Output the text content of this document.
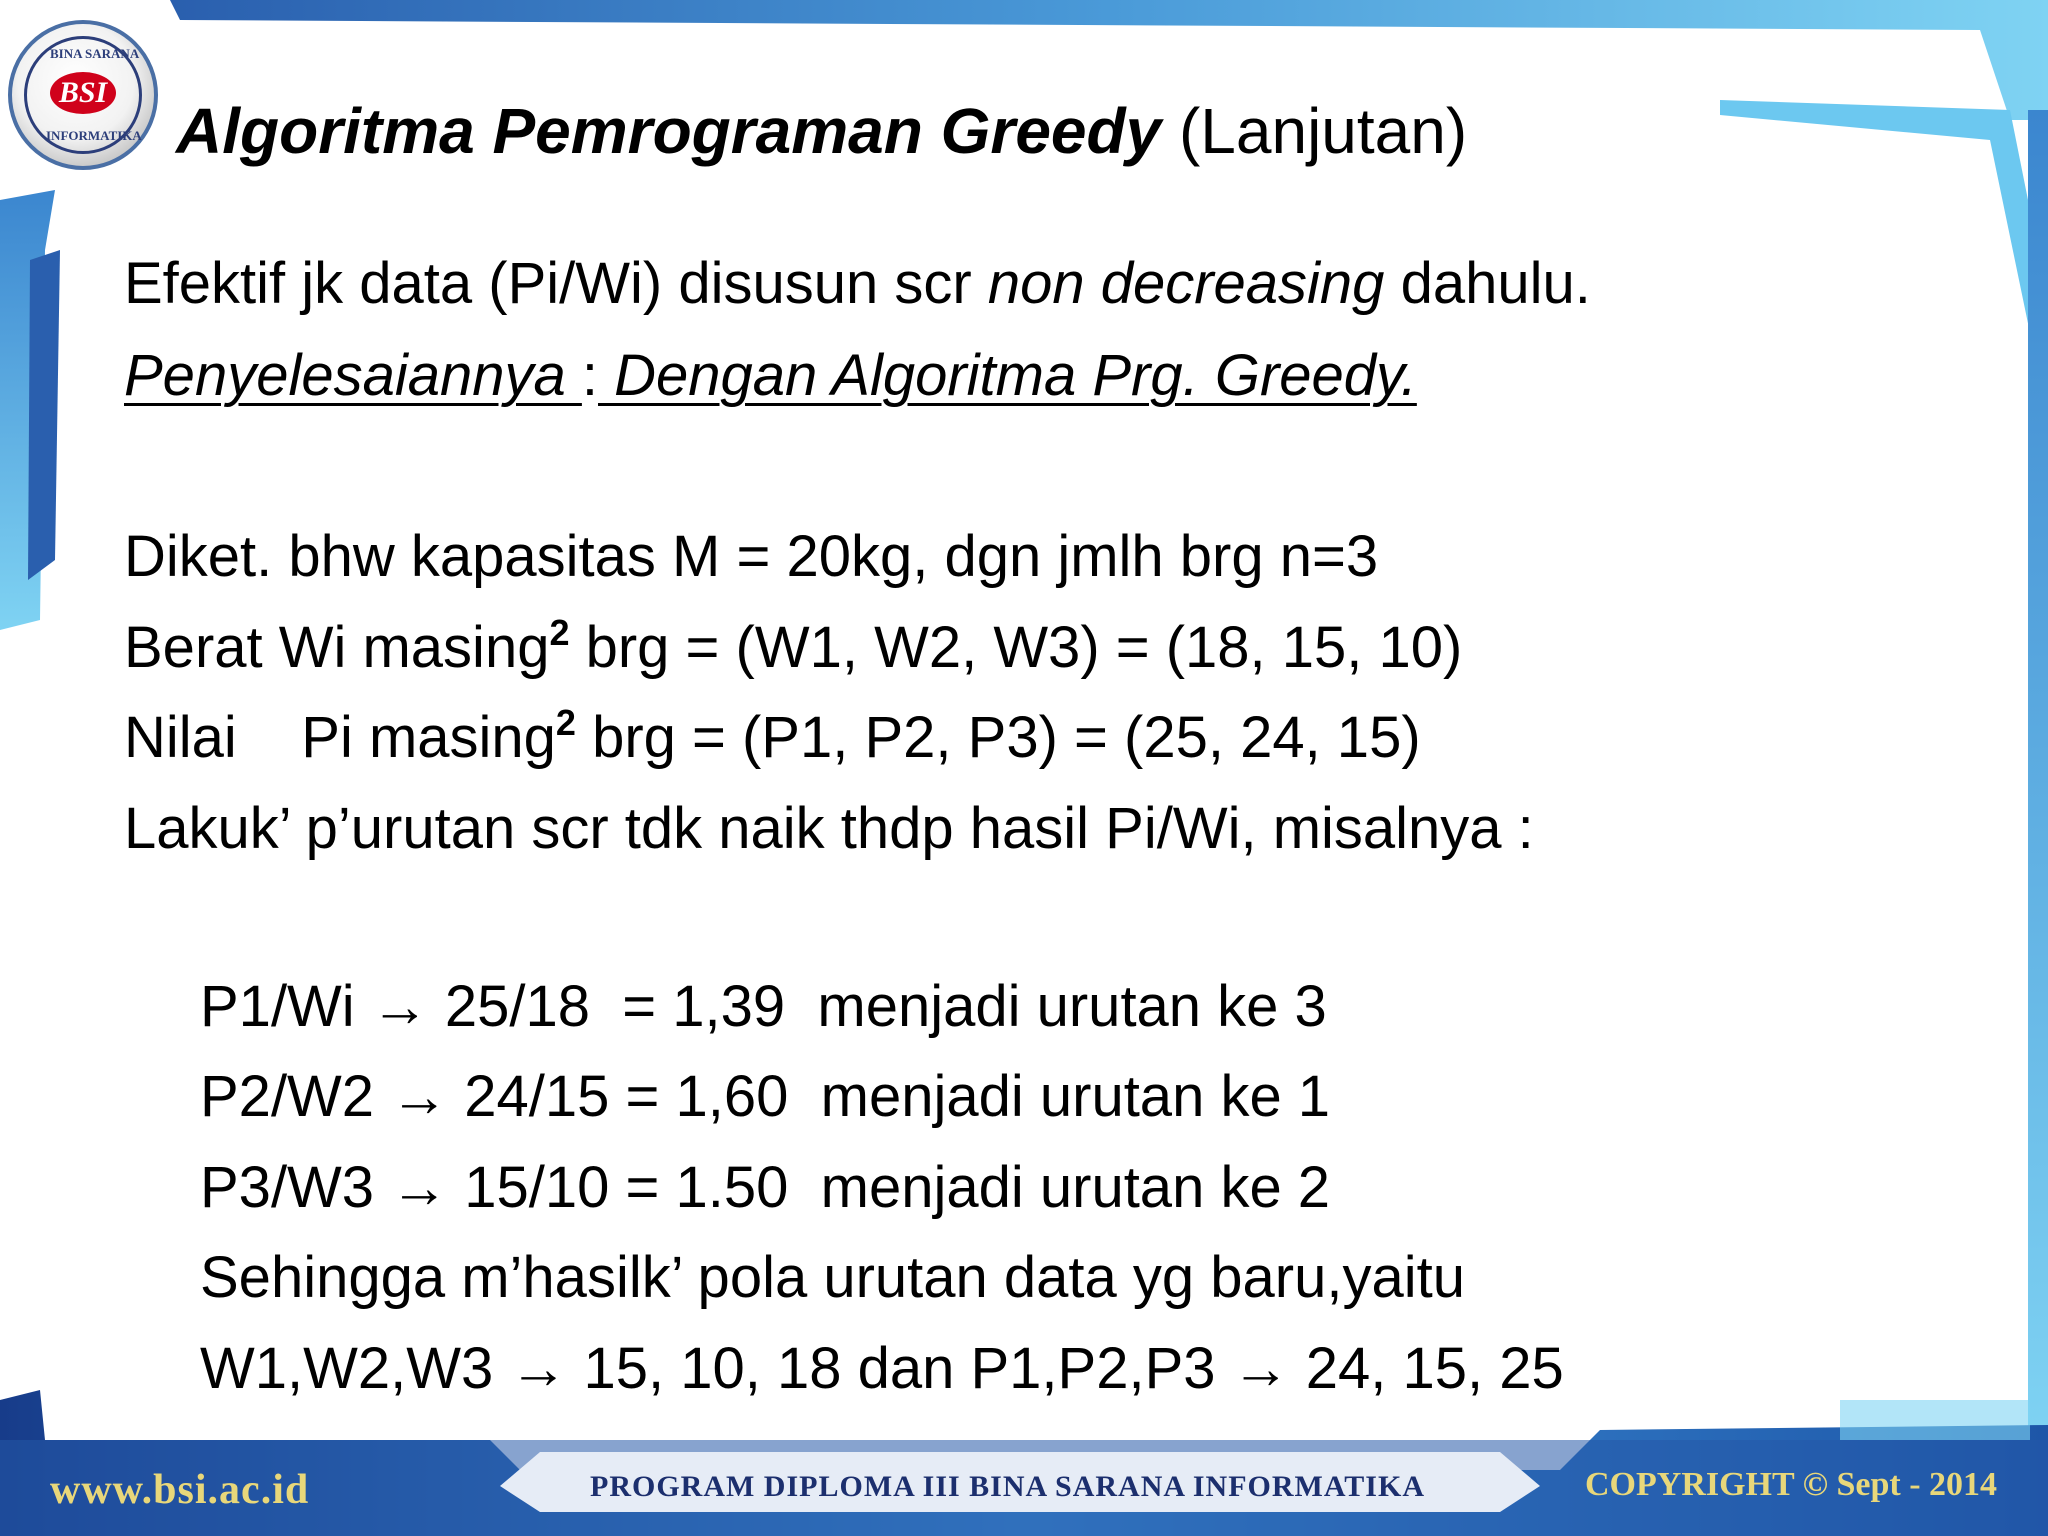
BINA SARANA
INFORMATIKA
BSI
Algoritma Pemrograman Greedy (Lanjutan)
Efektif jk data (Pi/Wi) disusun scr non decreasing dahulu.
Penyelesaiannya : Dengan Algoritma Prg. Greedy.
Diket. bhw kapasitas M = 20kg, dgn jmlh brg n=3
Berat Wi masing$^2$ brg = (W1, W2, W3) = (18, 15, 10)
Nilai    Pi masing$^2$ brg = (P1, P2, P3) = (25, 24, 15)
Lakuk’ p’urutan scr tdk naik thdp hasil Pi/Wi, misalnya :
P1/Wi → 25/18  = 1,39  menjadi urutan ke 3
P2/W2 → 24/15 = 1,60  menjadi urutan ke 1
P3/W3 → 15/10 = 1.50  menjadi urutan ke 2
Sehingga m’hasilk’ pola urutan data yg baru,yaitu
W1,W2,W3 → 15, 10, 18 dan P1,P2,P3 → 24, 15, 25
www.bsi.ac.id	PROGRAM DIPLOMA III BINA SARANA INFORMATIKA	COPYRIGHT © Sept - 2014
